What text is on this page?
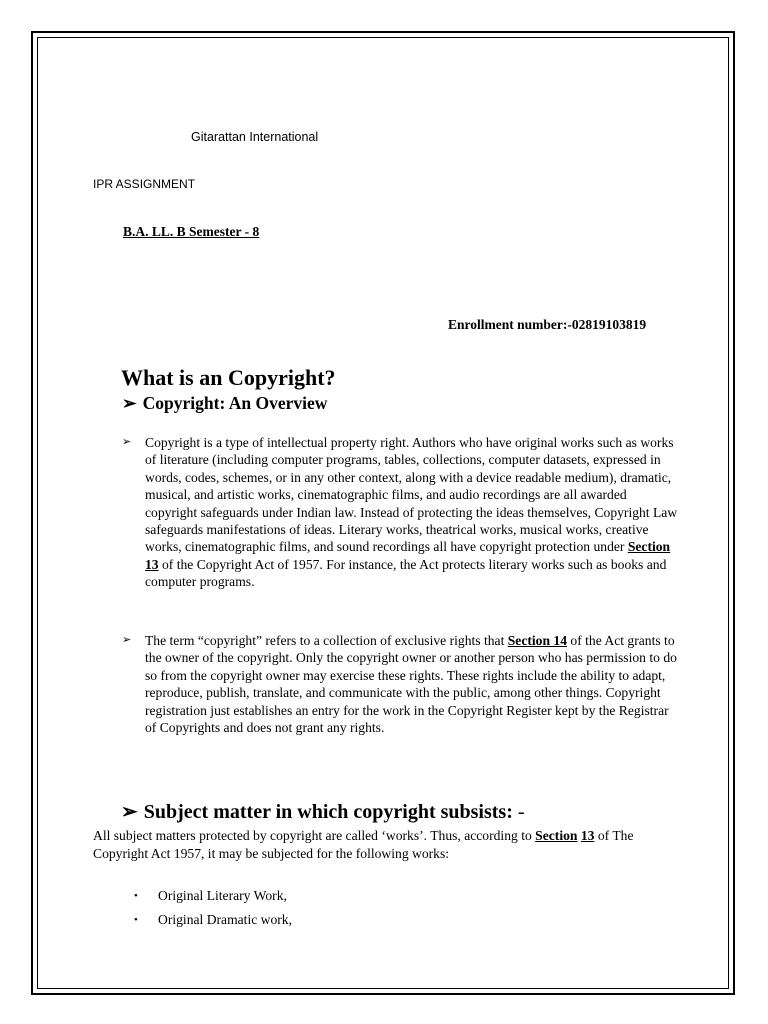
Gitarattan International
IPR ASSIGNMENT
B.A. LL. B Semester - 8
Enrollment number:-02819103819
What is an Copyright?
➢ Copyright: An Overview
➢	Copyright is a type of intellectual property right. Authors who have original works such as works of literature (including computer programs, tables, collections, computer datasets, expressed in words, codes, schemes, or in any other context, along with a device readable medium), dramatic, musical, and artistic works, cinematographic films, and audio recordings are all awarded copyright safeguards under Indian law. Instead of protecting the ideas themselves, Copyright Law safeguards manifestations of ideas. Literary works, theatrical works, musical works, creative works, cinematographic films, and sound recordings all have copyright protection under Section 13 of the Copyright Act of 1957. For instance, the Act protects literary works such as books and computer programs.
➢	The term “copyright” refers to a collection of exclusive rights that Section 14 of the Act grants to the owner of the copyright. Only the copyright owner or another person who has permission to do so from the copyright owner may exercise these rights. These rights include the ability to adapt, reproduce, publish, translate, and communicate with the public, among other things. Copyright registration just establishes an entry for the work in the Copyright Register kept by the Registrar of Copyrights and does not grant any rights.
➢ Subject matter in which copyright subsists: -
All subject matters protected by copyright are called ‘works’. Thus, according to Section 13 of The Copyright Act 1957, it may be subjected for the following works:
•	Original Literary Work,
•	Original Dramatic work,
